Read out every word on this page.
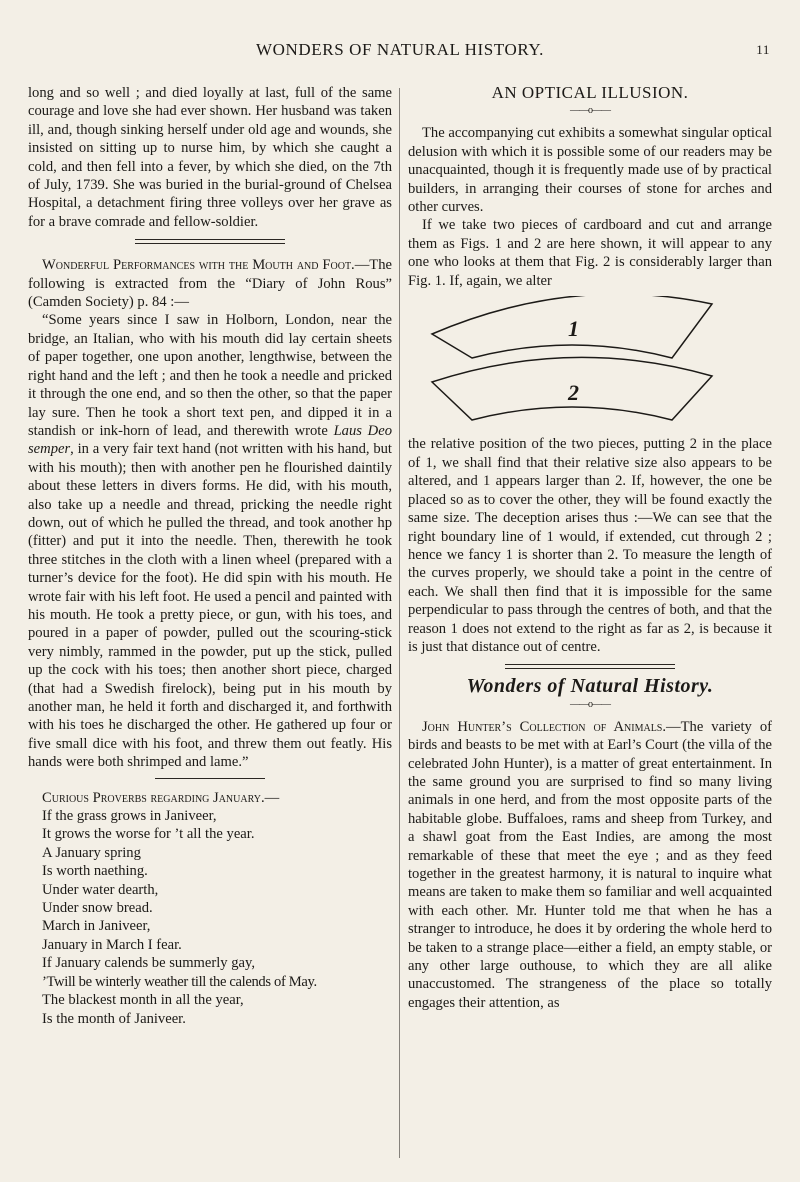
WONDERS OF NATURAL HISTORY.	11

long and so well ; and died loyally at last, full of the same courage and love she had ever shown. Her husband was taken ill, and, though sinking herself under old age and wounds, she insisted on sitting up to nurse him, by which she caught a cold, and then fell into a fever, by which she died, on the 7th of July, 1739. She was buried in the burial-ground of Chelsea Hospital, a detachment firing three volleys over her grave as for a brave comrade and fellow-soldier.

Wonderful Performances with the Mouth and Foot.—The following is extracted from the “Diary of John Rous” (Camden Society) p. 84 :—

“Some years since I saw in Holborn, London, near the bridge, an Italian, who with his mouth did lay certain sheets of paper together, one upon another, lengthwise, between the right hand and the left ; and then he took a needle and pricked it through the one end, and so then the other, so that the paper lay sure. Then he took a short text pen, and dipped it in a standish or ink-horn of lead, and therewith wrote Laus Deo semper, in a very fair text hand (not written with his hand, but with his mouth); then with another pen he flourished daintily about these letters in divers forms. He did, with his mouth, also take up a needle and thread, pricking the needle right down, out of which he pulled the thread, and took another hp (fitter) and put it into the needle. Then, therewith he took three stitches in the cloth with a linen wheel (prepared with a turner’s device for the foot). He did spin with his mouth. He wrote fair with his left foot. He used a pencil and painted with his mouth. He took a pretty piece, or gun, with his toes, and poured in a paper of powder, pulled out the scouring-stick very nimbly, rammed in the powder, put up the stick, pulled up the cock with his toes; then another short piece, charged (that had a Swedish firelock), being put in his mouth by another man, he held it forth and discharged it, and forthwith with his toes he discharged the other. He gathered up four or five small dice with his foot, and threw them out featly. His hands were both shrimped and lame.”

Curious Proverbs regarding January.—

If the grass grows in Janiveer,
It grows the worse for ’t all the year.
A January spring
Is worth naething.
Under water dearth,
Under snow bread.
March in Janiveer,
January in March I fear.
If January calends be summerly gay,
’Twill be winterly weather till the calends of May.
The blackest month in all the year,
Is the month of Janiveer.
AN OPTICAL ILLUSION.
——o——

The accompanying cut exhibits a somewhat singular optical delusion with which it is possible some of our readers may be unacquainted, though it is frequently made use of by practical builders, in arranging their courses of stone for arches and other curves.

If we take two pieces of cardboard and cut and arrange them as Figs. 1 and 2 are here shown, it will appear to any one who looks at them that Fig. 2 is considerably larger than Fig. 1. If, again, we alter

1
2

the relative position of the two pieces, putting 2 in the place of 1, we shall find that their relative size also appears to be altered, and 1 appears larger than 2. If, however, the one be placed so as to cover the other, they will be found exactly the same size. The deception arises thus :—We can see that the right boundary line of 1 would, if extended, cut through 2 ; hence we fancy 1 is shorter than 2. To measure the length of the curves properly, we should take a point in the centre of each. We shall then find that it is impossible for the same perpendicular to pass through the centres of both, and that the reason 1 does not extend to the right as far as 2, is because it is just that distance out of centre.

Wonders of Natural History.
——o——

John Hunter’s Collection of Animals.—The variety of birds and beasts to be met with at Earl’s Court (the villa of the celebrated John Hunter), is a matter of great entertainment. In the same ground you are surprised to find so many living animals in one herd, and from the most opposite parts of the habitable globe. Buffaloes, rams and sheep from Turkey, and a shawl goat from the East Indies, are among the most remarkable of these that meet the eye ; and as they feed together in the greatest harmony, it is natural to inquire what means are taken to make them so familiar and well acquainted with each other. Mr. Hunter told me that when he has a stranger to introduce, he does it by ordering the whole herd to be taken to a strange place—either a field, an empty stable, or any other large outhouse, to which they are all alike unaccustomed. The strangeness of the place so totally engages their attention, as
